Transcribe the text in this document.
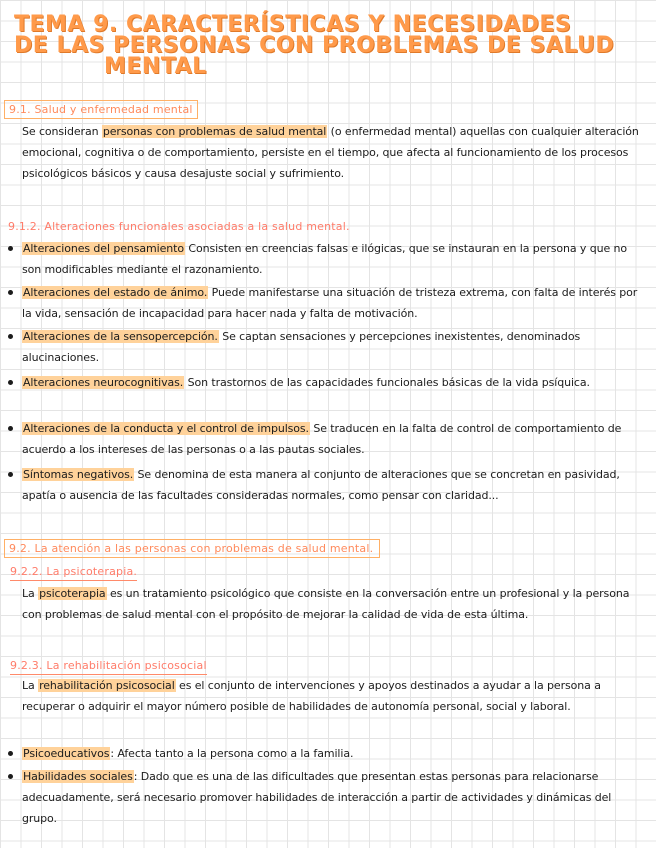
TEMA 9. CARACTERÍSTICAS Y NECESIDADES
DE LAS PERSONAS CON PROBLEMAS DE SALUD
MENTAL
9.1. Salud y enfermedad mental
Se consideran personas con problemas de salud mental (o enfermedad mental) aquellas con cualquier alteración emocional, cognitiva o de comportamiento, persiste en el tiempo, que afecta al funcionamiento de los procesos psicológicos básicos y causa desajuste social y sufrimiento.
9.1.2. Alteraciones funcionales asociadas a la salud mental.
Alteraciones del pensamiento Consisten en creencias falsas e ilógicas, que se instauran en la persona y que no son modificables mediante el razonamiento.
Alteraciones del estado de ánimo. Puede manifestarse una situación de tristeza extrema, con falta de interés por la vida, sensación de incapacidad para hacer nada y falta de motivación.
Alteraciones de la sensopercepción. Se captan sensaciones y percepciones inexistentes, denominados alucinaciones.
Alteraciones neurocognitivas. Son trastornos de las capacidades funcionales básicas de la vida psíquica.
Alteraciones de la conducta y el control de impulsos. Se traducen en la falta de control de comportamiento de acuerdo a los intereses de las personas o a las pautas sociales.
Síntomas negativos. Se denomina de esta manera al conjunto de alteraciones que se concretan en pasividad, apatía o ausencia de las facultades consideradas normales, como pensar con claridad...
9.2. La atención a las personas con problemas de salud mental.
9.2.2. La psicoterapia.
La psicoterapia es un tratamiento psicológico que consiste en la conversación entre un profesional y la persona con problemas de salud mental con el propósito de mejorar la calidad de vida de esta última.
9.2.3. La rehabilitación psicosocial
La rehabilitación psicosocial es el conjunto de intervenciones y apoyos destinados a ayudar a la persona a recuperar o adquirir el mayor número posible de habilidades de autonomía personal, social y laboral.
Psicoeducativos: Afecta tanto a la persona como a la familia.
Habilidades sociales: Dado que es una de las dificultades que presentan estas personas para relacionarse adecuadamente, será necesario promover habilidades de interacción a partir de actividades y dinámicas del grupo.
